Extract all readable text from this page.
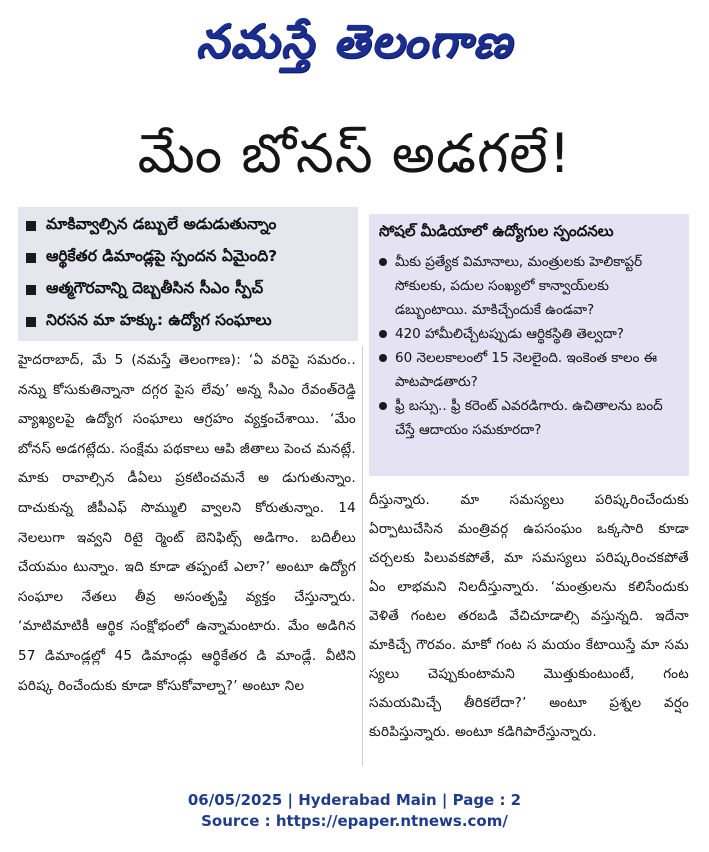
నమస్తే తెలంగాణ
మేం బోనస్ అడగలే!
మాకివ్వాల్సిన డబ్బులే అడుడుతున్నాం
ఆర్థికేతర డిమాండ్లపై స్పందన ఏమైంది?
ఆత్మగౌరవాన్ని దెబ్బతీసిన సీఎం స్పీచ్
నిరసన మా హక్కు: ఉద్యోగ సంఘాలు
సోషల్ మీడియాలో ఉద్యోగుల స్పందనలు
మీకు ప్రత్యేక విమానాలు, మంత్రులకు హెలికాప్టర్ సోకులకు, పదుల సంఖ్యలో కాన్వాయ్‌లకు డబ్బుంటాయి. మాకిచ్చేందుకే ఉండవా?
420 హామీలిచ్చేటప్పుడు ఆర్థికస్థితి తెల్వదా?
60 నెలలకాలంలో 15 నెలలైంది. ఇంకెంత కాలం ఈ పాటపాడతారు?
ఫ్రీ బస్సు.. ఫ్రీ కరెంట్ ఎవరడిగారు. ఉచితాలను బంద్ చేస్తే ఆదాయం సమకూరదా?
హైదరాబాద్, మే 5 (నమస్తే తెలంగాణ): ‘ఏ వరిపై సమరం.. నన్ను కోసుకుతిన్నానా దగ్గర పైస లేవు’ అన్న సీఎం రేవంత్‌రెడ్డి వ్యాఖ్యలపై ఉద్యోగ సంఘాలు ఆగ్రహం వ్యక్తంచేశాయి. ‘మేం బోనస్ అడగట్లేదు. సంక్షేమ పథకాలు ఆపి జీతాలు పెంచ మనట్లే. మాకు రావాల్సిన డీఏలు ప్రకటించమనే అ డుగుతున్నాం. దాచుకున్న జీపీఎఫ్ సొమ్ములి వ్వాలని కోరుతున్నాం. 14 నెలలుగా ఇవ్వని రిటై ర్మెంట్ బెనిఫిట్స్ అడిగాం. బదిలీలు చేయమం టున్నాం. ఇది కూడా తప్పంటే ఎలా?’ అంటూ ఉద్యోగ సంఘాల నేతలు తీవ్ర అసంతృప్తి వ్యక్తం చేస్తున్నారు. ‘మాటిమాటికీ ఆర్థిక సంక్షోభంలో ఉన్నామంటారు. మేం అడిగిన 57 డిమాండ్లల్లో 45 డిమాండ్లు ఆర్థికేతర డి మాండ్లే. వీటిని పరిష్క రించేందుకు కూడా కోసుకోవాల్నా?’ అంటూ నిల
దీస్తున్నారు. మా సమస్యలు పరిష్కరించేందుకు ఏర్పాటుచేసిన మంత్రివర్గ ఉపసంఘం ఒక్కసారి కూడా చర్చలకు పిలువకపోతే, మా సమస్యలు పరిష్కరించకపోతే ఏం లాభమని నిలదీస్తున్నారు. ‘మంత్రులను కలిసేందుకు వెళితే గంటల తరబడి వేచిచూడాల్సి వస్తున్నది. ఇదేనా మాకిచ్చే గౌరవం. మాకో గంట స మయం కేటాయిస్తే మా సమ స్యలు చెప్పుకుంటామని మొత్తుకుంటుంటే, గంట సమయమిచ్చే తీరికలేదా?’ అంటూ ప్రశ్నల వర్షం కురిపిస్తున్నారు. అంటూ కడిగిపారేస్తున్నారు.
06/05/2025 | Hyderabad Main | Page : 2
Source : https://epaper.ntnews.com/
